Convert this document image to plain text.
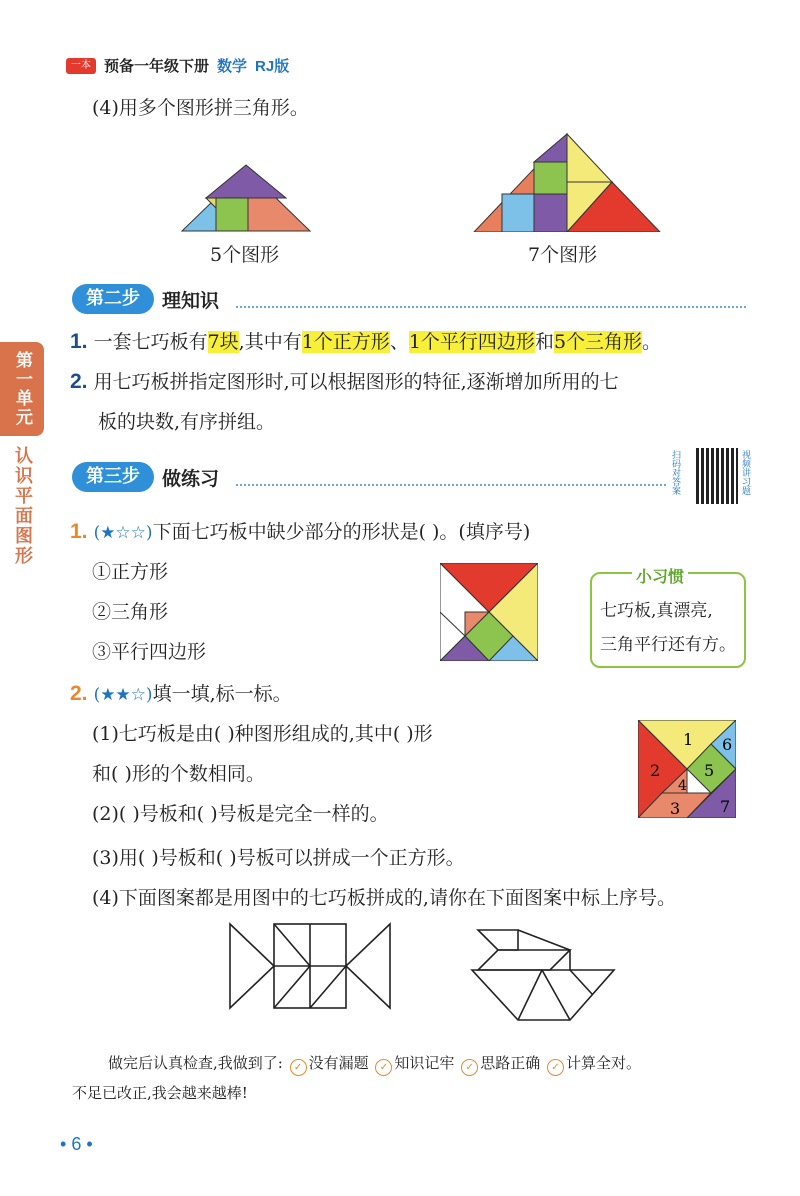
一本 预备一年级下册 数学 RJ版
(4)用多个图形拼三角形。
5个图形	7个图形
第一单元
认识平面图形
第二步	理知识
1. 一套七巧板有7块,其中有1个正方形、1个平行四边形和5个三角形。
2. 用七巧板拼指定图形时,可以根据图形的特征,逐渐增加所用的七
板的块数,有序拼组。
第三步	做练习	扫码对答案	视频讲习题
1. (★☆☆)下面七巧板中缺少部分的形状是( )。(填序号)
①正方形
②三角形
③平行四边形
小习惯
七巧板,真漂亮,
三角平行还有方。
2. (★★☆)填一填,标一标。
(1)七巧板是由( )种图形组成的,其中( )形
和( )形的个数相同。
(2)( )号板和( )号板是完全一样的。
(3)用( )号板和( )号板可以拼成一个正方形。
(4)下面图案都是用图中的七巧板拼成的,请你在下面图案中标上序号。
1
2
3
4
5
6
7
做完后认真检查,我做到了: ✓ 没有漏题 ✓ 知识记牢 ✓ 思路正确 ✓ 计算全对。
不足已改正,我会越来越棒!
• 6 •
